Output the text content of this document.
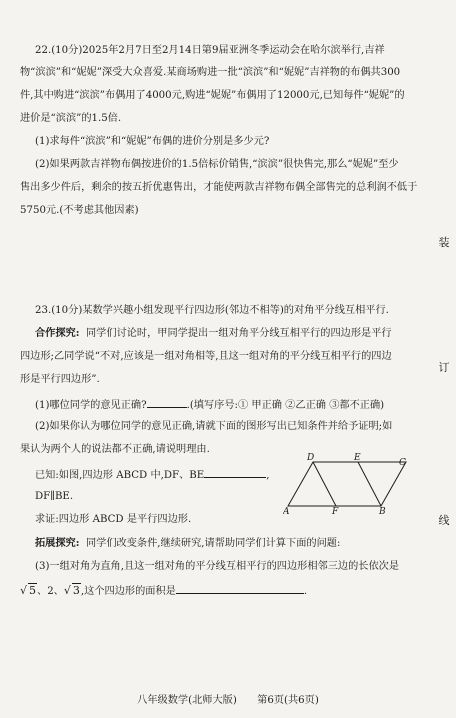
22.(10分)2025年2月7日至2月14日第9届亚洲冬季运动会在哈尔滨举行,吉祥
物“滨滨”和“妮妮”深受大众喜爱.某商场购进一批“滨滨”和“妮妮”吉祥物的布偶共300
件,其中购进“滨滨”布偶用了4000元,购进“妮妮”布偶用了12000元,已知每件“妮妮”的
进价是“滨滨”的1.5倍.
(1)求每件“滨滨”和“妮妮”布偶的进价分别是多少元?
(2)如果两款吉祥物布偶按进价的1.5倍标价销售,“滨滨”很快售完,那么“妮妮”至少
售出多少件后，剩余的按五折优惠售出，才能使两款吉祥物布偶全部售完的总利润不低于
5750元.(不考虑其他因素)
装
订
线
23.(10分)某数学兴趣小组发现平行四边形(邻边不相等)的对角平分线互相平行.
合作探究: 同学们讨论时，甲同学提出一组对角平分线互相平行的四边形是平行
四边形;乙同学说“不对,应该是一组对角相等,且这一组对角的平分线互相平行的四边
形是平行四边形”.
(1)哪位同学的意见正确?	.(填写序号:① 甲正确 ②乙正确 ③都不正确)
(2)如果你认为哪位同学的意见正确,请就下面的图形写出已知条件并给予证明;如
果认为两个人的说法都不正确,请说明理由.
已知:如图,四边形 ABCD 中,DF、BE	,
DF∥BE.
求证:四边形 ABCD 是平行四边形.
拓展探究: 同学们改变条件,继续研究,请帮助同学们计算下面的问题:
(3)一组对角为直角,且这一组对角的平分线互相平行的四边形相邻三边的长依次是
√ 5、2、√ 3,这个四边形的面积是	.
D	E	C
A	F	B
八年级数学(北师大版)　　第6页(共6页)
